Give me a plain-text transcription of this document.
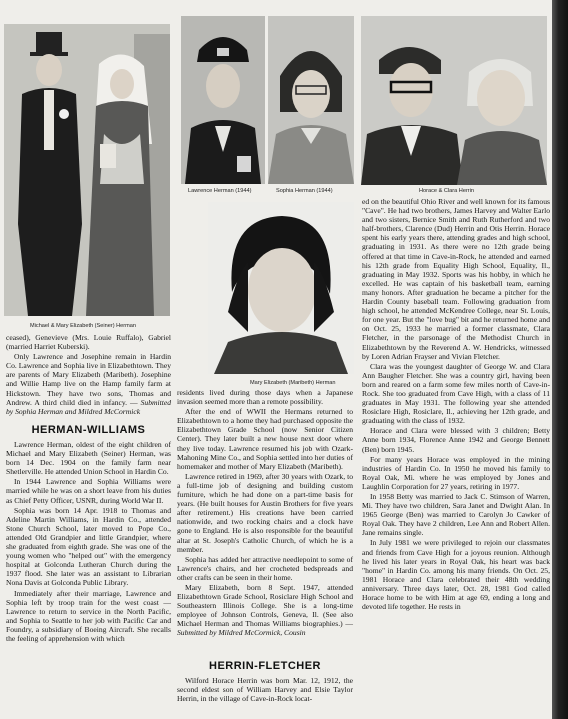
Michael & Mary Elizabeth (Seiner) Herman
Lawrence Herman (1944)	Sophia Herman (1944)	Horace & Clara Herrin
Mary Elizabeth (Maribeth) Herman

ceased), Genevieve (Mrs. Louie Ruffalo), Gabriel (married Harriet Kuberski).

Only Lawrence and Josephine remain in Hardin Co. Lawrence and Sophia live in Elizabethtown. They are parents of Mary Elizabeth (Maribeth). Josephine and Willie Hamp live on the Hamp family farm at Hickstown. They have two sons, Thomas and Andrew. A third child died in infancy. — Submitted by Sophia Herman and Mildred McCormick

HERMAN-WILLIAMS

Lawrence Herman, oldest of the eight children of Michael and Mary Elizabeth (Seiner) Herman, was born 14 Dec. 1904 on the family farm near Shetlerville. He attended Union School in Hardin Co.

In 1944 Lawrence and Sophia Williams were married while he was on a short leave from his duties as Chief Petty Officer, USNR, during World War II.

Sophia was born 14 Apr. 1918 to Thomas and Adeline Martin Williams, in Hardin Co., attended Stone Church School, later moved to Pope Co., attended Old Grandpier and little Grandpier, where she graduated from eighth grade. She was one of the young women who "helped out" with the emergency hospital at Golconda Lutheran Church during the 1937 flood. She later was an assistant to Librarian Nona Davis at Golconda Public Library.

Immediately after their marriage, Lawrence and Sophia left by troop train for the west coast — Lawrence to return to service in the North Pacific, and Sophia to Seattle to her job with Pacific Car and Foundry, a subsidiary of Boeing Aircraft. She recalls the feeling of apprehension with which

residents lived during those days when a Japanese invasion seemed more than a remote possibility.

After the end of WWII the Hermans returned to Elizabethtown to a home they had purchased opposite the Elizabethtown Grade School (now Senior Citizen Center). They later built a new house next door where they live today. Lawrence resumed his job with Ozark-Mahoning Mine Co., and Sophia settled into her duties of homemaker and mother of Mary Elizabeth (Maribeth).

Lawrence retired in 1969, after 30 years with Ozark, to a full-time job of designing and building custom furniture, which he had done on a part-time basis for years. (He built houses for Austin Brothers for five years after retirement.) His creations have been carried nationwide, and two rocking chairs and a clock have gone to England. He is also responsible for the beautiful altar at St. Joseph's Catholic Church, of which he is a member.

Sophia has added her attractive needlepoint to some of Lawrence's chairs, and her crocheted bedspreads and other crafts can be seen in their home.

Mary Elizabeth, born 8 Sept. 1947, attended Elizabethtown Grade School, Rosiclare High School and Southeastern Illinois College. She is a long-time employee of Johnson Controls, Geneva, Il. (See also Michael Herman and Thomas Williams biographies.) — Submitted by Mildred McCormick, Cousin

HERRIN-FLETCHER

Wilford Horace Herrin was born Mar. 12, 1912, the second eldest son of William Harvey and Elsie Taylor Herrin, in the village of Cave-in-Rock locat-

ed on the beautiful Ohio River and well known for its famous "Cave". He had two brothers, James Harvey and Walter Earlo and two sisters, Bernice Smith and Ruth Rutherford and two half-brothers, Clarence (Dud) Herrin and Otis Herrin. Horace spent his early years there, attending grades and high school, graduating in 1931. As there were no 12th grade being offered at that time in Cave-in-Rock, he attended and earned his 12th grade from Equality High School, Equality, Il., graduating in May 1932. Sports was his hobby, in which he excelled. He was captain of his basketball team, earning many honors. After graduation he became a pitcher for the Hardin County baseball team. Following graduation from high school, he attended McKendree College, near St. Louis, for one year. But the "love bug" bit and he returned home and on Oct. 25, 1933 he married a former classmate, Clara Fletcher, in the parsonage of the Methodist Church in Elizabethtown by the Reverend A. W. Hendricks, witnessed by Loren Adrian Frayser and Vivian Fletcher.

Clara was the youngest daughter of George W. and Clara Ann Baugher Fletcher. She was a country girl, having been born and reared on a farm some few miles north of Cave-in-Rock. She too graduated from Cave High, with a class of 11 graduates in May 1931. The following year she attended Rosiclare High, Rosiclare, Il., achieving her 12th grade, and graduating with the class of 1932.

Horace and Clara were blessed with 3 children; Betty Anne born 1934, Florence Anne 1942 and George Bennett (Ben) born 1945.

For many years Horace was employed in the mining industries of Hardin Co. In 1950 he moved his family to Royal Oak, Mi. where he was employed by Jones and Laughlin Corporation for 27 years, retiring in 1977.

In 1958 Betty was married to Jack C. Stimson of Warren, Mi. They have two children, Sara Janet and Dwight Alan. In 1965 George (Ben) was married to Carolyn Jo Cawker of Royal Oak. They have 2 children, Lee Ann and Robert Allen. Jane remains single.

In July 1981 we were privileged to rejoin our classmates and friends from Cave High for a joyous reunion. Although he lived his later years in Royal Oak, his heart was back "home" in Hardin Co. among his many friends. On Oct. 25, 1981 Horace and Clara celebrated their 48th wedding anniversary. Three days later, Oct. 28, 1981 God called Horace home to be with Him at age 69, ending a long and devoted life together. He rests in
